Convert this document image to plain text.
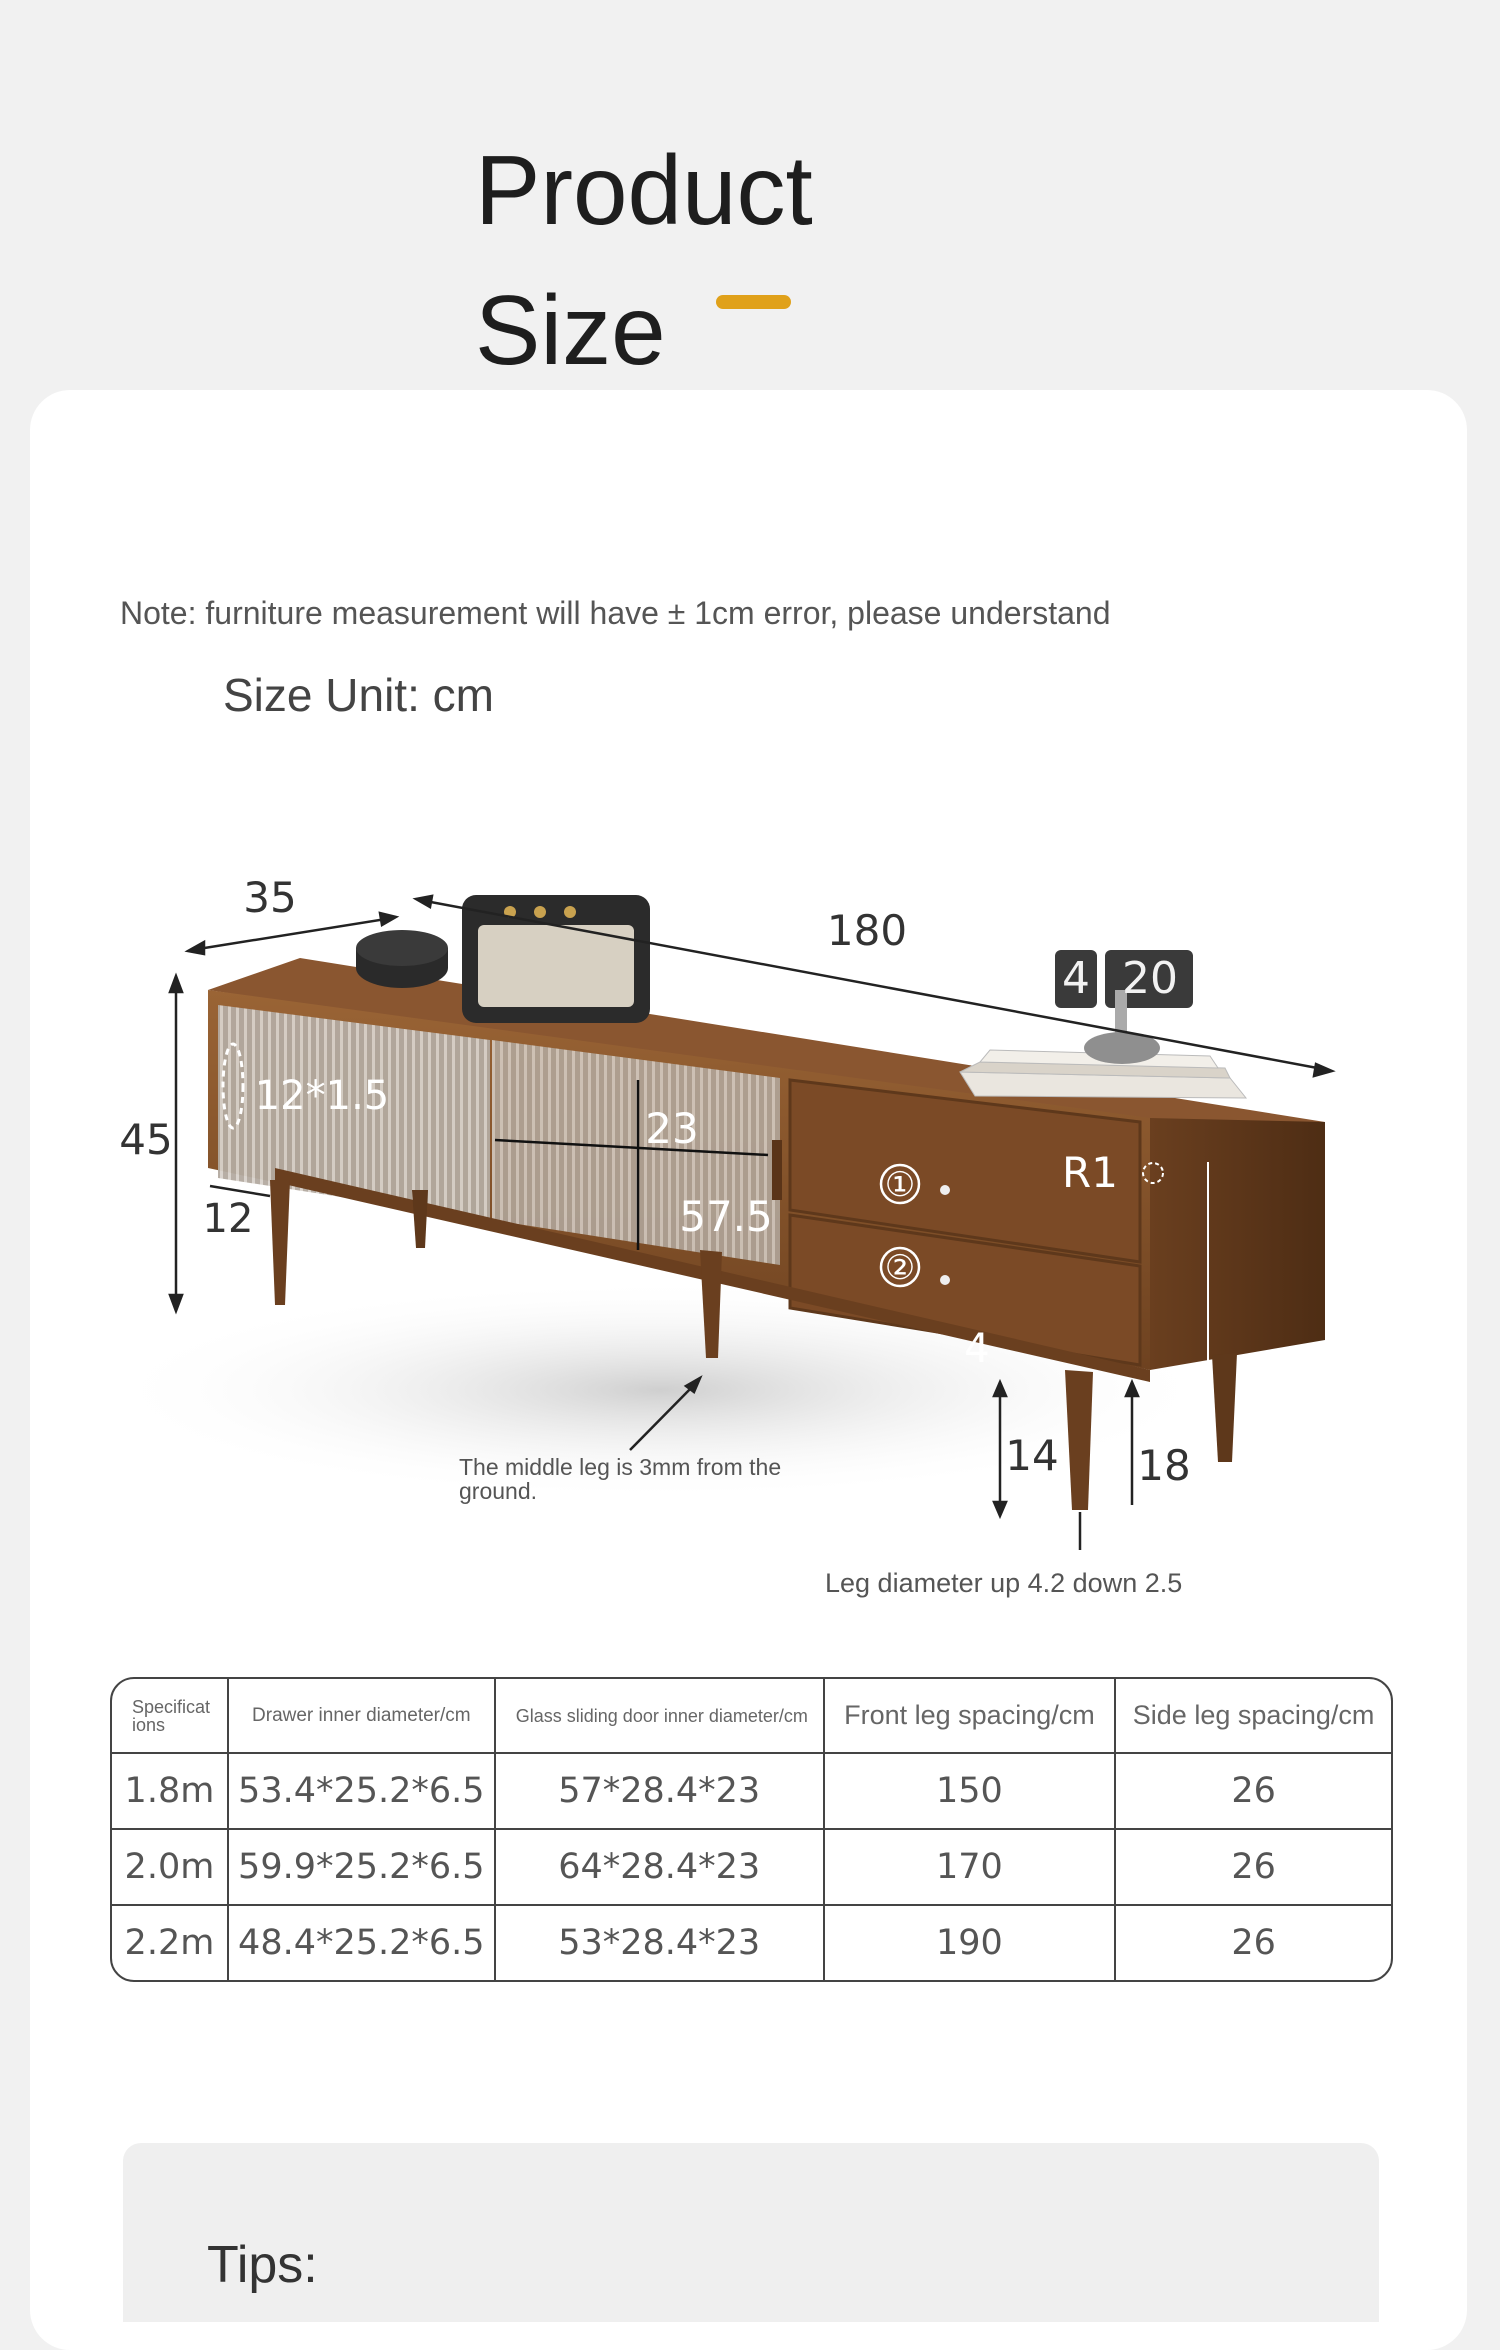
Product
Size
Note: furniture measurement will have ± 1cm error, please understand
Size Unit: cm
4 20
35
180
45
12*1.5
12
23
57.5
R1
①
②
4
14 18
The middle leg is 3mm from the ground.
Leg diameter up 4.2 down 2.5
Specificat ions	Drawer inner diameter/cm	Glass sliding door inner diameter/cm	Front leg spacing/cm	Side leg spacing/cm
1.8m	53.4*25.2*6.5	57*28.4*23	150	26
2.0m	59.9*25.2*6.5	64*28.4*23	170	26
2.2m	48.4*25.2*6.5	53*28.4*23	190	26
Tips:
